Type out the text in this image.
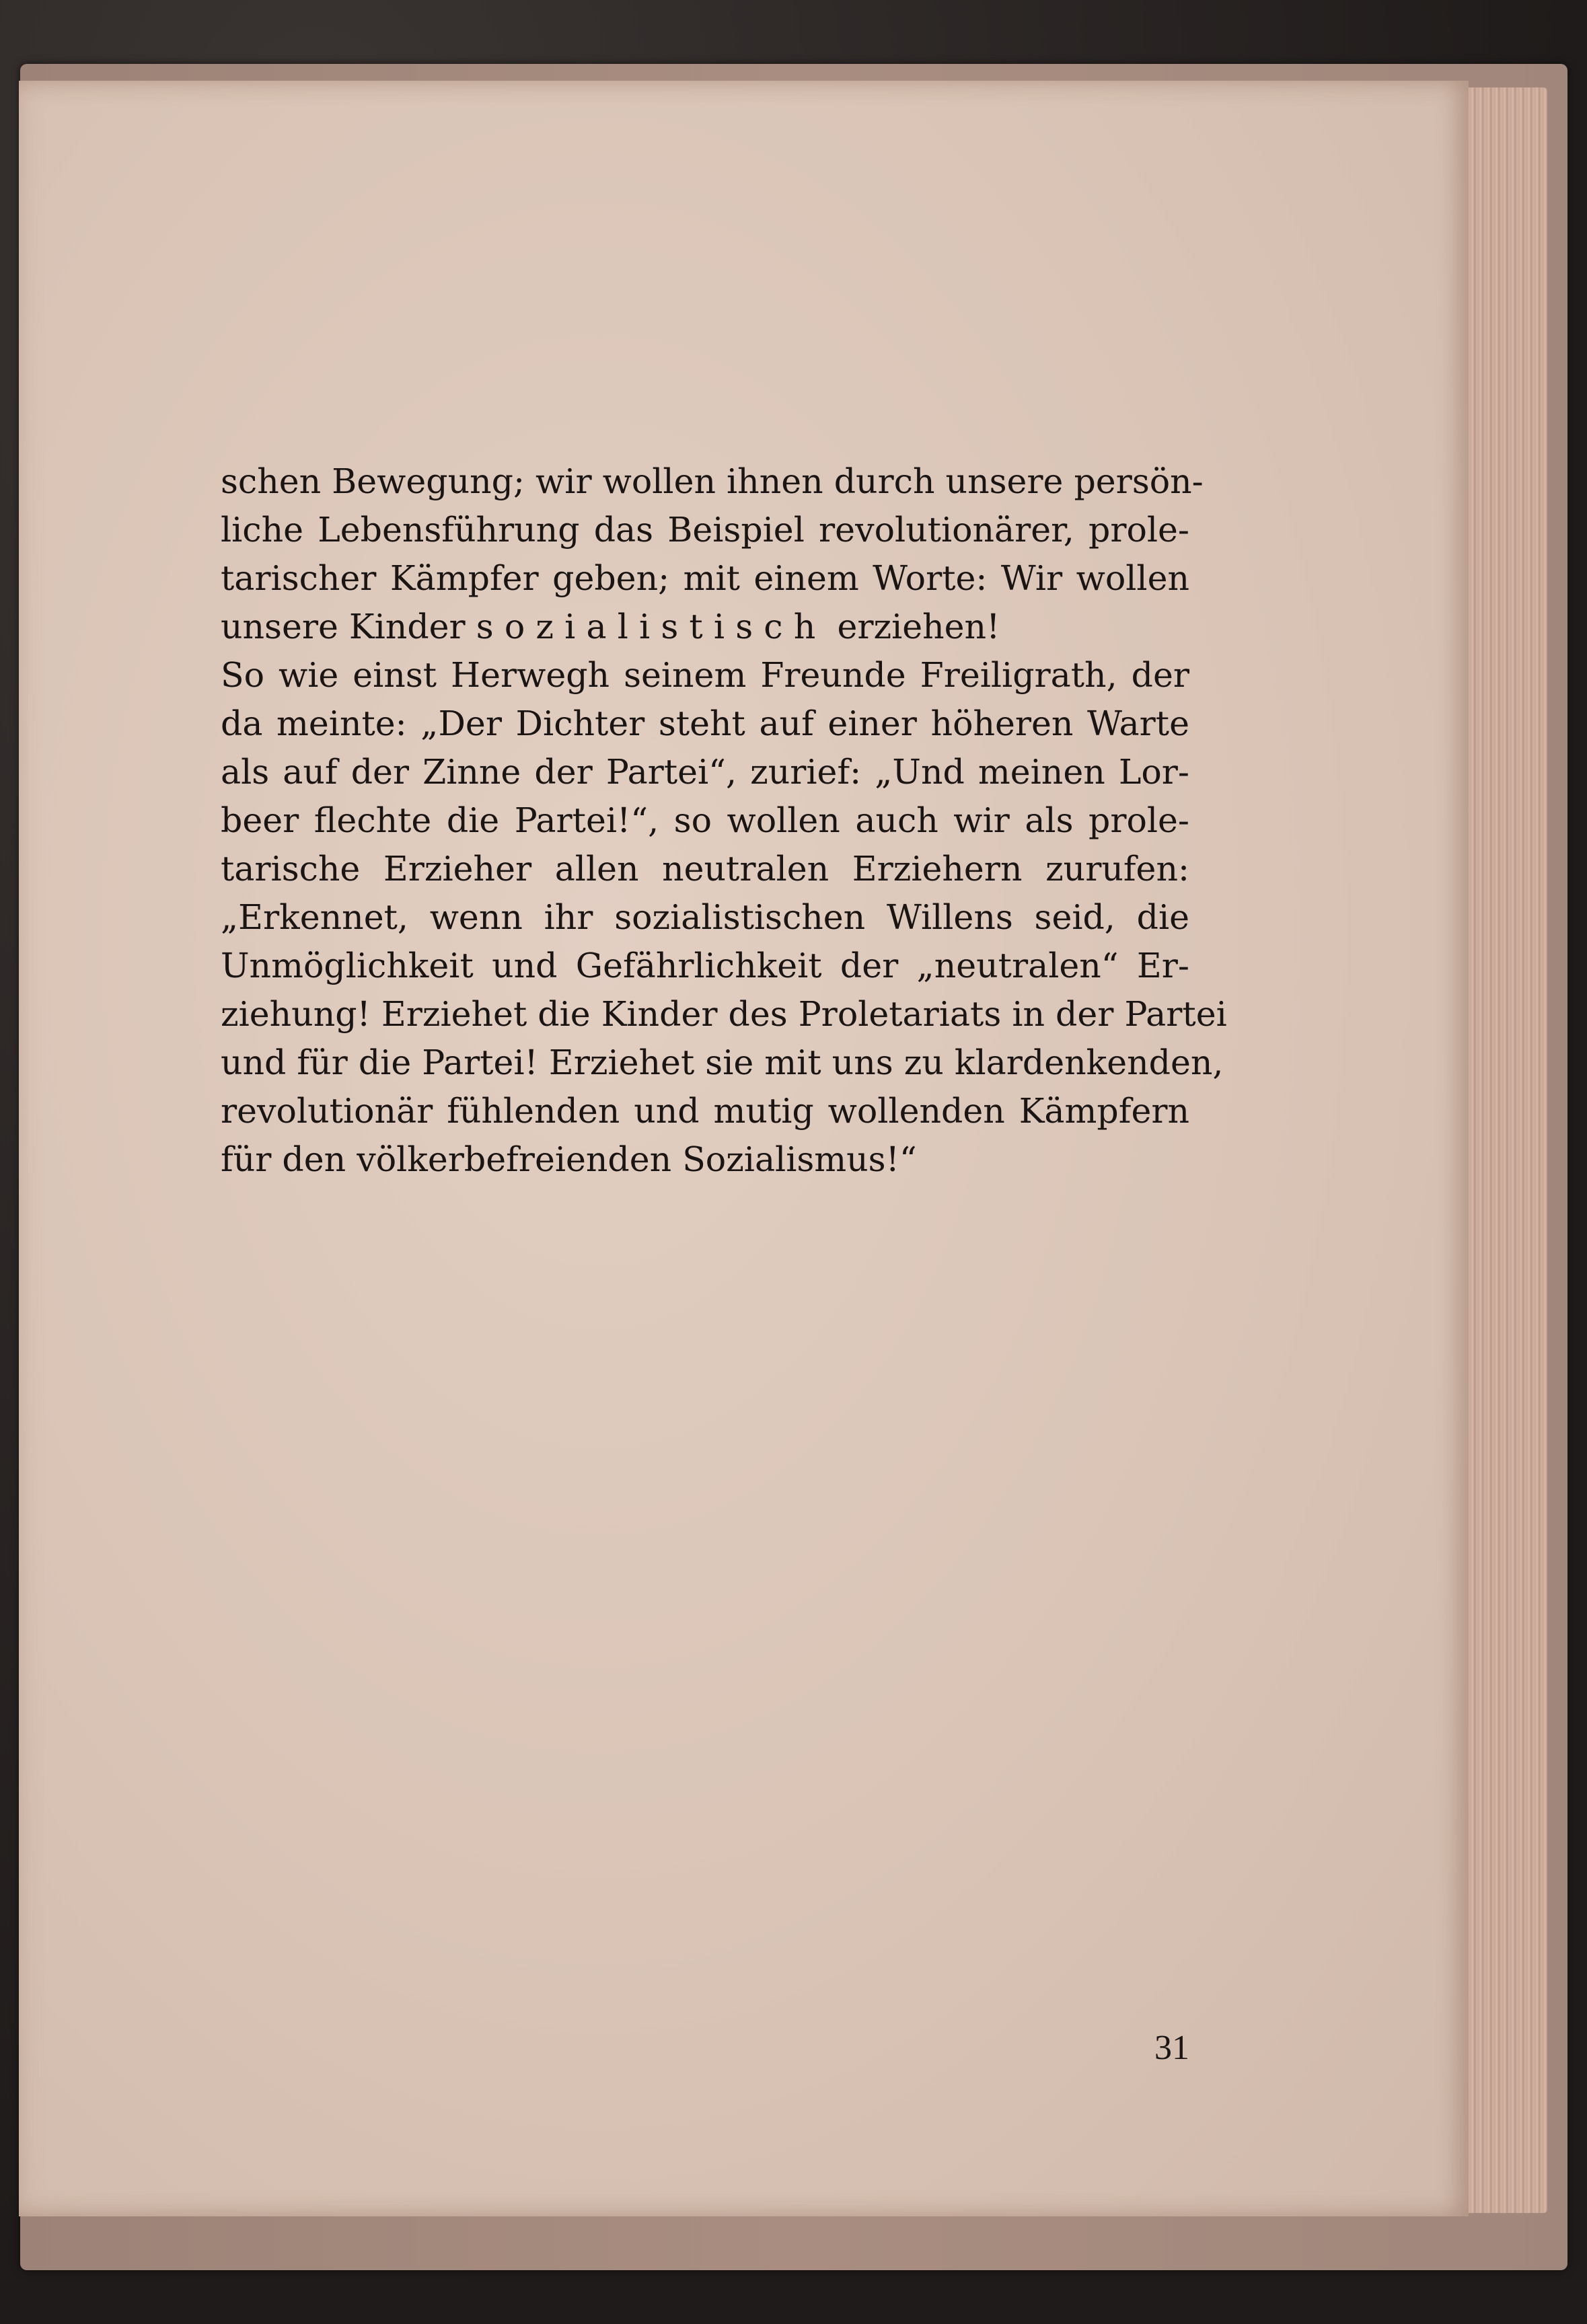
schen Bewegung; wir wollen ihnen durch unsere persön-
liche Lebensführung das Beispiel revolutionärer, prole-
tarischer Kämpfer geben; mit einem Worte: Wir wollen
unsere Kinder sozialistisch erziehen!
So wie einst Herwegh seinem Freunde Freiligrath, der
da meinte: „Der Dichter steht auf einer höheren Warte
als auf der Zinne der Partei“, zurief: „Und meinen Lor-
beer flechte die Partei!“, so wollen auch wir als prole-
tarische Erzieher allen neutralen Erziehern zurufen:
„Erkennet, wenn ihr sozialistischen Willens seid, die
Unmöglichkeit und Gefährlichkeit der „neutralen“ Er-
ziehung! Erziehet die Kinder des Proletariats in der Partei
und für die Partei! Erziehet sie mit uns zu klardenkenden,
revolutionär fühlenden und mutig wollenden Kämpfern
für den völkerbefreienden Sozialismus!“
31
